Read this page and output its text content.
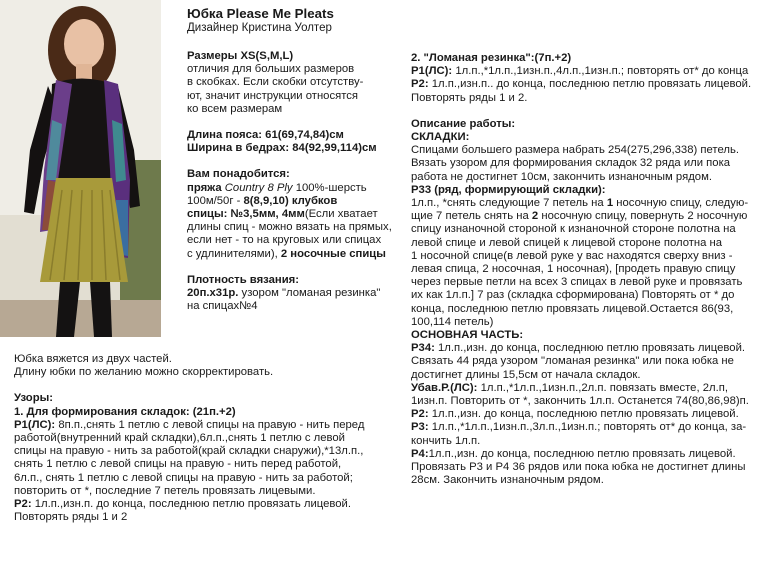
Юбка Please Me Pleats
Дизайнер Кристина Уолтер
Размеры XS(S,M,L)
отличия для больших размеров
в скобках. Если скобки отсутству-
ют, значит инструкции относятся
ко всем размерам
Длина пояса: 61(69,74,84)см
Ширина в бедрах: 84(92,99,114)см
Вам понадобится:
пряжа Country 8 Ply 100%-шерсть
100м/50г - 8(8,9,10) клубков
спицы: №3,5мм, 4мм(Если хватает
длины спиц - можно вязать на прямых,
если нет - то на круговых или спицах
с удлинителями), 2 носочные спицы
Плотность вязания:
20п.х31р. узором "ломаная резинка"
на спицах№4
Юбка вяжется из двух частей.
Длину юбки по желанию можно скорректировать.
Узоры:
1. Для формирования складок: (21п.+2)
Р1(ЛС): 8п.п.,снять 1 петлю с левой спицы на правую - нить перед
работой(внутренний край складки),6л.п.,снять 1 петлю с левой
спицы на правую - нить за работой(край складки снаружи),*13л.п.,
снять 1 петлю с левой спицы на правую - нить перед работой,
6л.п., снять 1 петлю с левой спицы на правую - нить за работой;
повторить от *, последние 7 петель провязать лицевыми.
Р2: 1л.п.,изн.п. до конца, последнюю петлю провязать лицевой.
Повторять ряды 1 и 2
2. "Ломаная резинка":(7п.+2)
Р1(ЛС): 1л.п.,*1л.п.,1изн.п.,4л.п.,1изн.п.; повторять от* до конца
Р2: 1л.п.,изн.п.. до конца, последнюю петлю провязать лицевой.
Повторять ряды 1 и 2.
Описание работы:
СКЛАДКИ:
Спицами большего размера набрать 254(275,296,338) петель.
Вязать узором для формирования складок 32 ряда или пока
работа не достигнет 10см, закончить изнаночным рядом.
Р33 (ряд, формирующий складки):
1л.п., *снять следующие 7 петель на 1 носочную спицу, следую-
щие 7 петель снять на 2 носочную спицу, повернуть 2 носочную
спицу изнаночной стороной к изнаночной стороне полотна на
левой спице и левой спицей к лицевой стороне полотна на
1 носочной спице(в левой руке у вас находятся сверху вниз -
левая спица, 2 носочная, 1 носочная), [продеть правую спицу
через первые петли на всех 3 спицах в левой руке и провязать
их как 1л.п.] 7 раз (складка сформирована) Повторять от * до
конца, последнюю петлю провязать лицевой.Остается 86(93,
100,114 петель)
ОСНОВНАЯ ЧАСТЬ:
Р34: 1л.п.,изн. до конца, последнюю петлю провязать лицевой.
Связать 44 ряда узором "ломаная резинка" или пока юбка не
достигнет длины 15,5см от начала складок.
Убав.Р.(ЛС): 1л.п.,*1л.п.,1изн.п.,2л.п. повязать вместе, 2л.п,
1изн.п. Повторить от *, закончить 1л.п. Останется 74(80,86,98)п.
Р2: 1л.п.,изн. до конца, последнюю петлю провязать лицевой.
Р3: 1л.п.,*1л.п.,1изн.п.,3л.п.,1изн.п.; повторять от* до конца, за-
кончить 1л.п.
Р4:1л.п.,изн. до конца, последнюю петлю провязать лицевой.
Провязать Р3 и Р4 36 рядов или пока юбка не достигнет длины
28см. Закончить изнаночным рядом.
